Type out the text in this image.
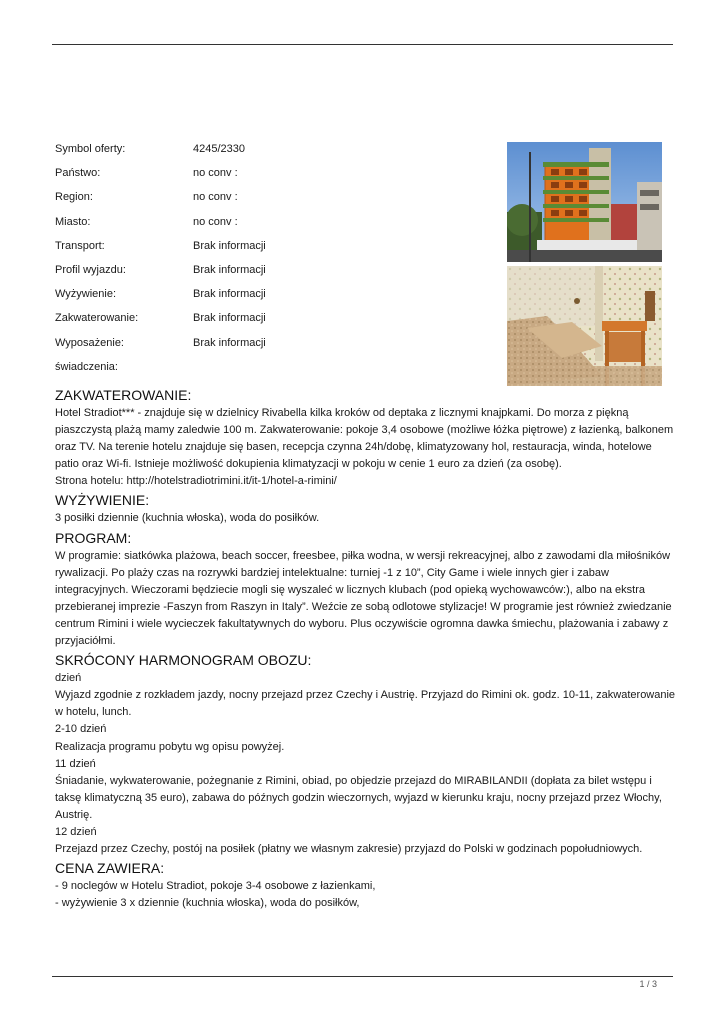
Symbol oferty:	4245/2330
Państwo:	no conv :
Region:	no conv :
Miasto:	no conv :
Transport:	Brak informacji
Profil wyjazdu:	Brak informacji
Wyżywienie:	Brak informacji
Zakwaterowanie:	Brak informacji
Wyposażenie:	Brak informacji
świadczenia:
ZAKWATEROWANIE:

Hotel Stradiot*** - znajduje się w dzielnicy Rivabella kilka kroków od deptaka z licznymi knajpkami. Do morza z piękną

piaszczystą plażą mamy zaledwie 100 m. Zakwaterowanie: pokoje 3,4 osobowe (możliwe łóżka piętrowe) z łazienką, balkonem

oraz TV. Na terenie hotelu znajduje się basen, recepcja czynna 24h/dobę, klimatyzowany hol, restauracja, winda, hotelowe

patio oraz Wi-fi. Istnieje możliwość dokupienia klimatyzacji w pokoju w cenie 1 euro za dzień (za osobę).

Strona hotelu: http://hotelstradiotrimini.it/it-1/hotel-a-rimini/

WYŻYWIENIE:

3 posiłki dziennie (kuchnia włoska), woda do posiłków.

PROGRAM:

W programie: siatkówka plażowa, beach soccer, freesbee, piłka wodna, w wersji rekreacyjnej, albo z zawodami dla miłośników

rywalizacji. Po plaży czas na rozrywki bardziej intelektualne: turniej -1 z 10”, City Game i wiele innych gier i zabaw

integracyjnych. Wieczorami będziecie mogli się wyszaleć w licznych klubach (pod opieką wychowawców:), albo na ekstra

przebieranej imprezie -Faszyn from Raszyn in Italy”. Weźcie ze sobą odlotowe stylizacje! W programie jest również zwiedzanie

centrum Rimini i wiele wycieczek fakultatywnych do wyboru. Plus oczywiście ogromna dawka śmiechu, plażowania i zabawy z

przyjaciółmi.

SKRÓCONY HARMONOGRAM OBOZU:

dzień

Wyjazd zgodnie z rozkładem jazdy, nocny przejazd przez Czechy i Austrię. Przyjazd do Rimini ok. godz. 10-11, zakwaterowanie

w hotelu, lunch.

2-10 dzień

Realizacja programu pobytu wg opisu powyżej.

11 dzień

Śniadanie, wykwaterowanie, pożegnanie z Rimini, obiad, po objedzie przejazd do MIRABILANDII (dopłata za bilet wstępu i

taksę klimatyczną 35 euro), zabawa do późnych godzin wieczornych, wyjazd w kierunku kraju, nocny przejazd przez Włochy,

Austrię.

12 dzień

Przejazd przez Czechy, postój na posiłek (płatny we własnym zakresie) przyjazd do Polski w godzinach popołudniowych.

CENA ZAWIERA:

- 9 noclegów w Hotelu Stradiot, pokoje 3-4 osobowe z łazienkami,

- wyżywienie 3 x dziennie (kuchnia włoska), woda do posiłków,

1 / 3
